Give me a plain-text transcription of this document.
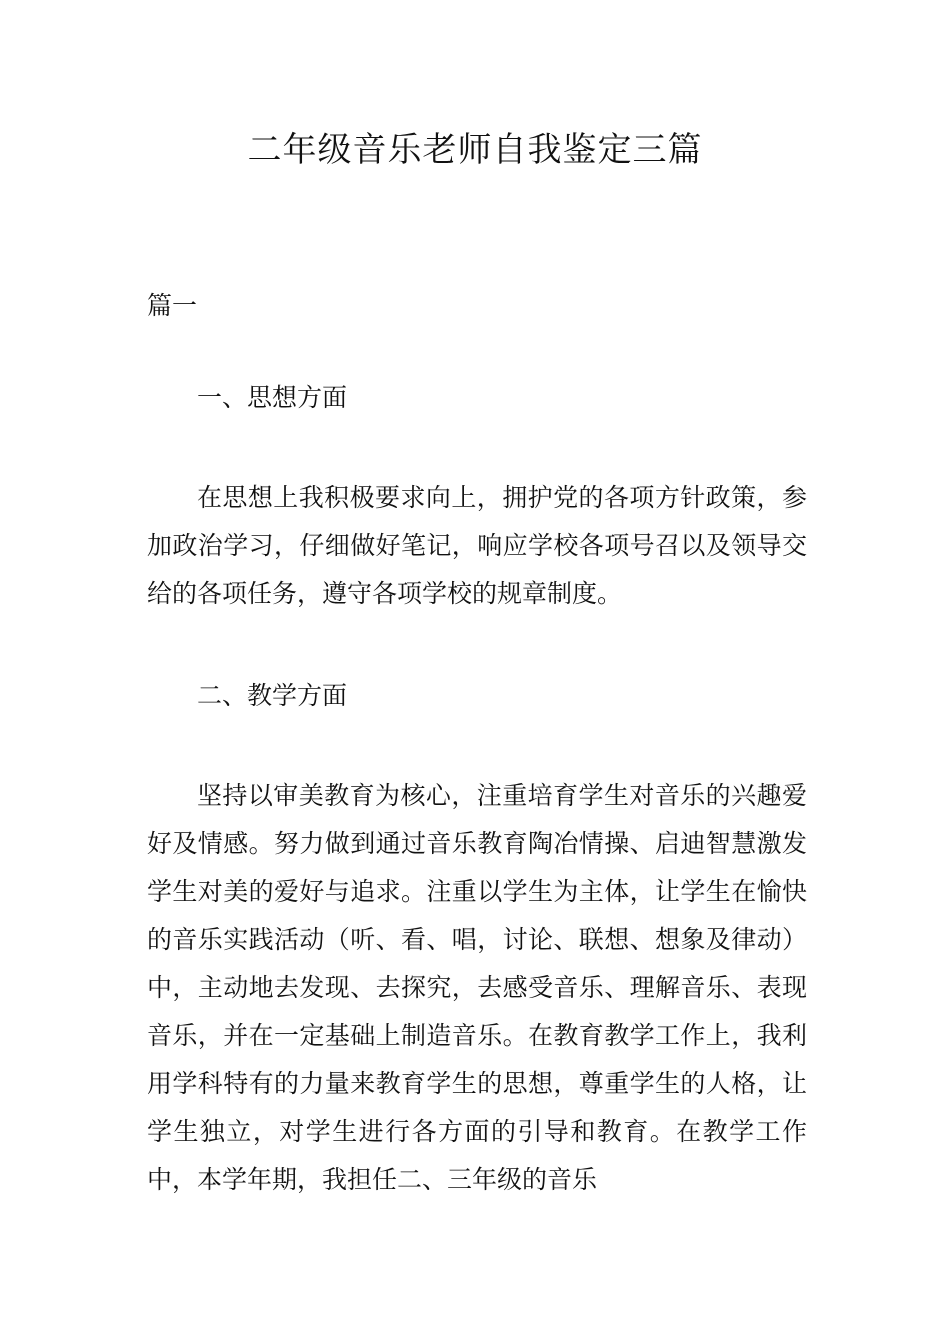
二年级音乐老师自我鉴定三篇

篇一

一、思想方面

在思想上我积极要求向上，拥护党的各项方针政策，参加政治学习，仔细做好笔记，响应学校各项号召以及领导交给的各项任务，遵守各项学校的规章制度。

二、教学方面

坚持以审美教育为核心，注重培育学生对音乐的兴趣爱好及情感。努力做到通过音乐教育陶冶情操、启迪智慧激发学生对美的爱好与追求。注重以学生为主体，让学生在愉快的音乐实践活动（听、看、唱，讨论、联想、想象及律动）中，主动地去发现、去探究，去感受音乐、理解音乐、表现音乐，并在一定基础上制造音乐。在教育教学工作上，我利用学科特有的力量来教育学生的思想，尊重学生的人格，让学生独立，对学生进行各方面的引导和教育。在教学工作中，本学年期，我担任二、三年级的音乐
